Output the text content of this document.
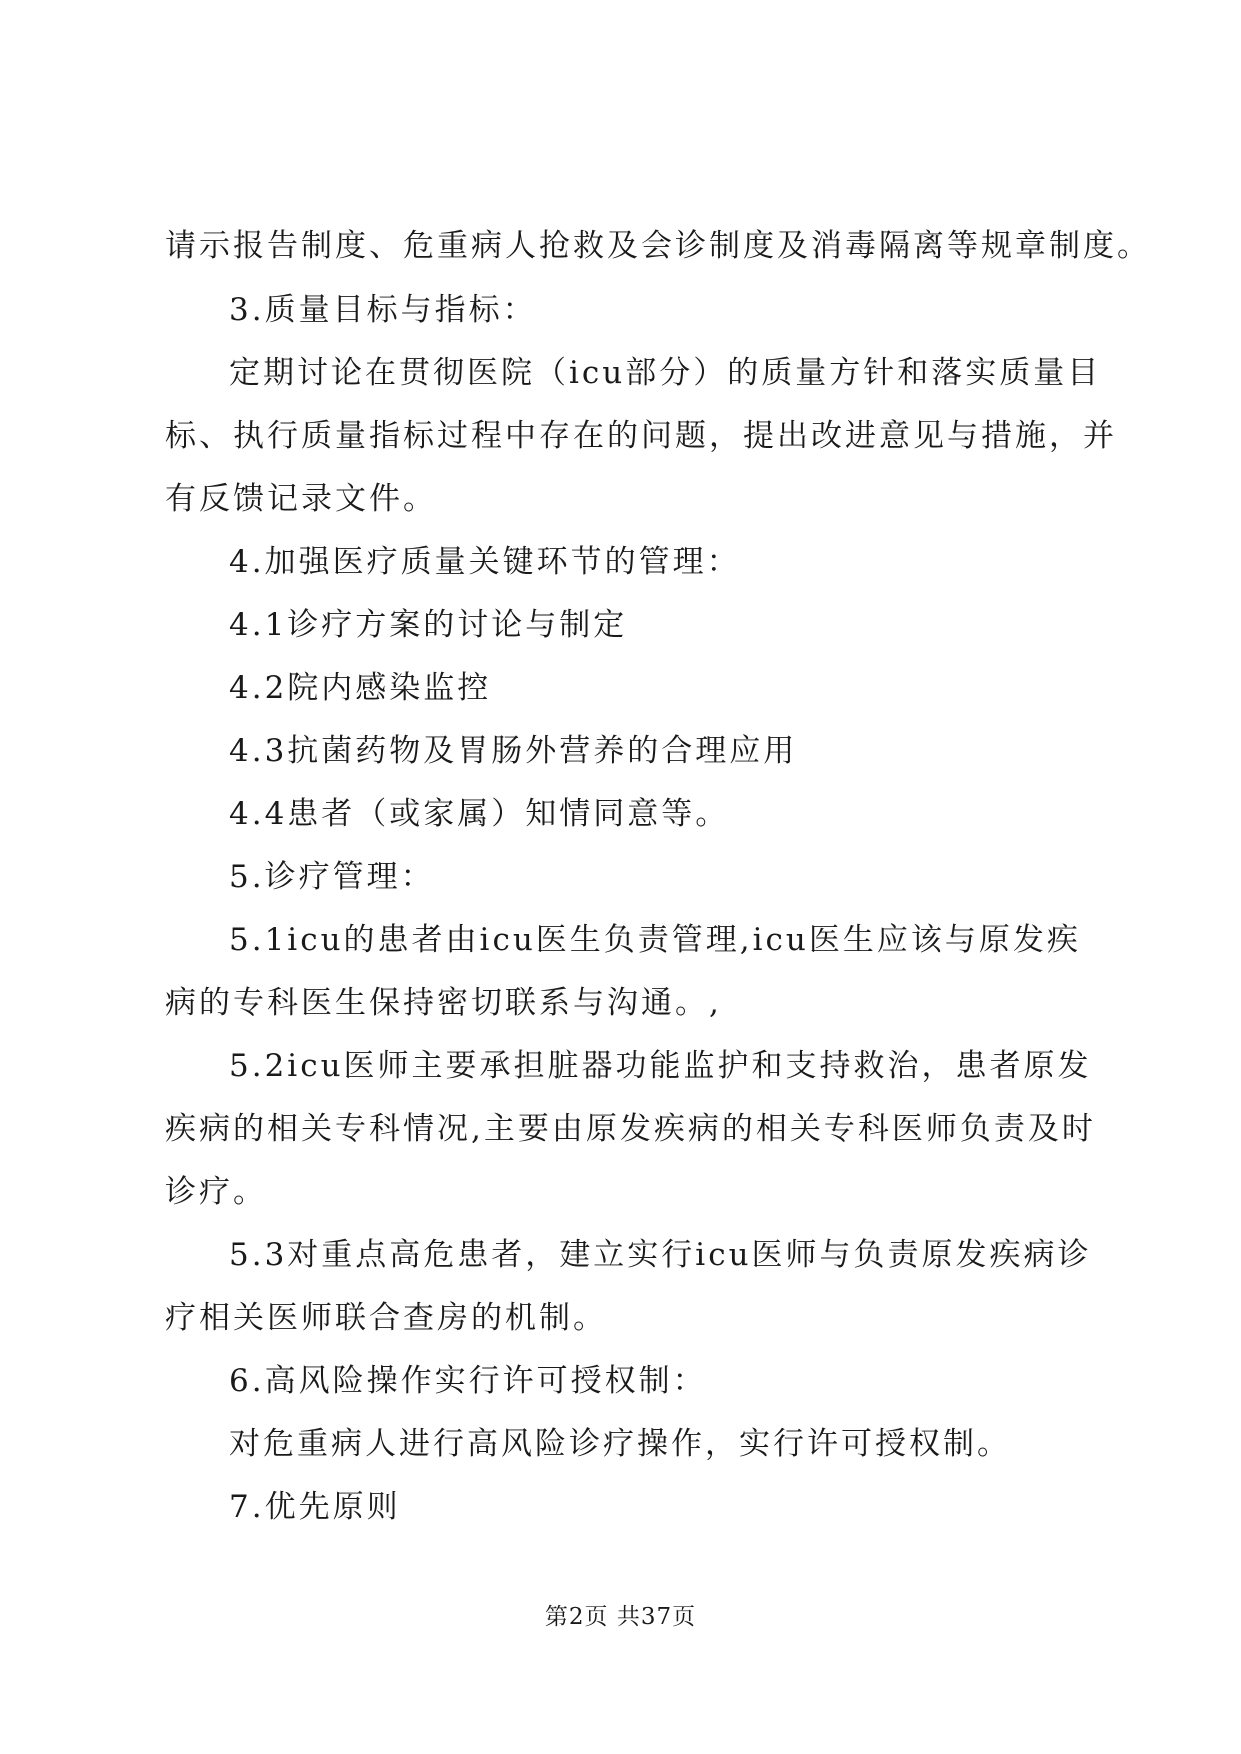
请示报告制度、危重病人抢救及会诊制度及消毒隔离等规章制度。
3.质量目标与指标：
定期讨论在贯彻医院（icu部分）的质量方针和落实质量目
标、执行质量指标过程中存在的问题，提出改进意见与措施，并
有反馈记录文件。
4.加强医疗质量关键环节的管理：
4.1诊疗方案的讨论与制定
4.2院内感染监控
4.3抗菌药物及胃肠外营养的合理应用
4.4患者（或家属）知情同意等。
5.诊疗管理：
5.1icu的患者由icu医生负责管理,icu医生应该与原发疾
病的专科医生保持密切联系与沟通。,
5.2icu医师主要承担脏器功能监护和支持救治，患者原发
疾病的相关专科情况,主要由原发疾病的相关专科医师负责及时
诊疗。
5.3对重点高危患者，建立实行icu医师与负责原发疾病诊
疗相关医师联合查房的机制。
6.高风险操作实行许可授权制：
对危重病人进行高风险诊疗操作，实行许可授权制。
7.优先原则
第2页 共37页
